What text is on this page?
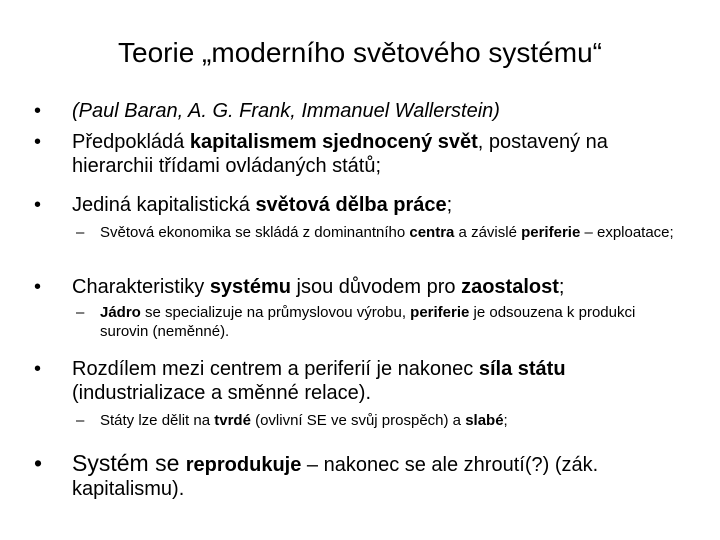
Teorie „moderního světového systému“
• (Paul Baran, A. G. Frank, Immanuel Wallerstein)
• Předpokládá kapitalismem sjednocený svět, postavený na hierarchii třídami ovládaných států;
• Jediná kapitalistická světová dělba práce;
– Světová ekonomika se skládá z dominantního centra a závislé periferie – exploatace;
• Charakteristiky systému jsou důvodem pro zaostalost;
– Jádro se specializuje na průmyslovou výrobu, periferie je odsouzena k produkci surovin (neměnné).
• Rozdílem mezi centrem a periferií je nakonec síla státu (industrializace a směnné relace).
– Státy lze dělit na tvrdé (ovlivní SE ve svůj prospěch) a slabé;
• Systém se reprodukuje – nakonec se ale zhroutí(?) (zák. kapitalismu).
